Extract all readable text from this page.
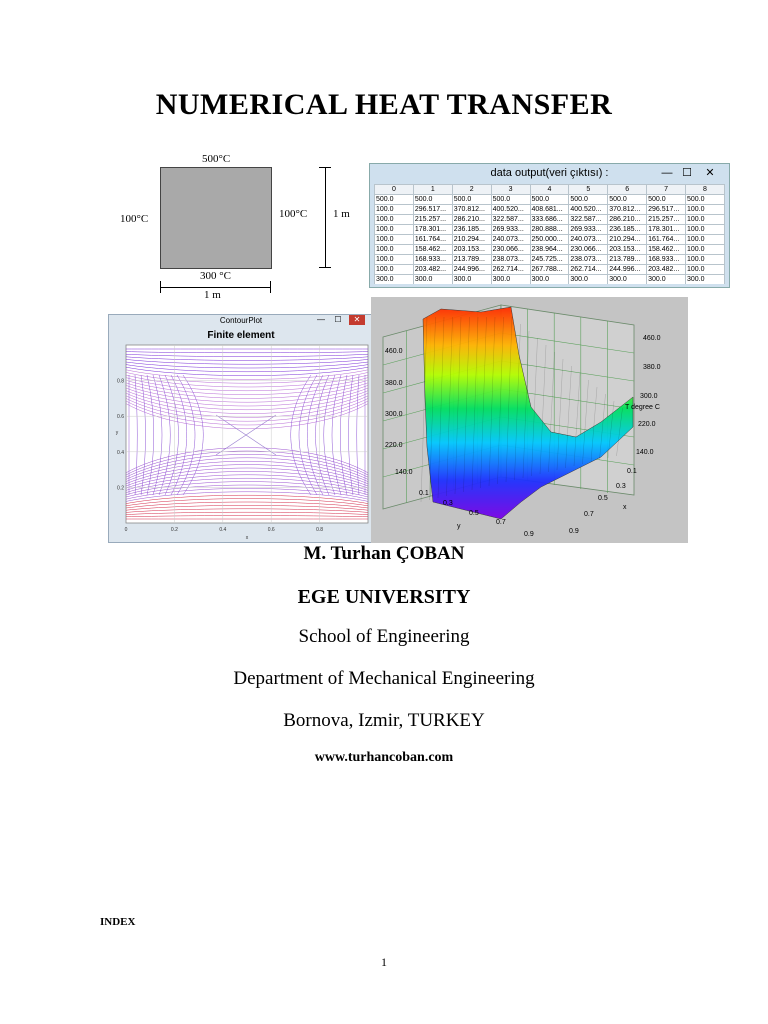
NUMERICAL HEAT TRANSFER
500°C
100°C	100°C
300 °C
1 m
1 m
data output(veri çıktısı) :	— ☐	✕
0	1	2	3	4	5	6	7	8
500.0	500.0	500.0	500.0	500.0	500.0	500.0	500.0	500.0
100.0	296.517...	370.812...	400.520...	408.681...	400.520...	370.812...	296.517...	100.0
100.0	215.257...	286.210...	322.587...	333.686...	322.587...	286.210...	215.257...	100.0
100.0	178.301...	236.185...	269.933...	280.888...	269.933...	236.185...	178.301...	100.0
100.0	161.764...	210.294...	240.073...	250.000...	240.073...	210.294...	161.764...	100.0
100.0	158.462...	203.153...	230.066...	238.964...	230.066...	203.153...	158.462...	100.0
100.0	168.933...	213.789...	238.073...	245.725...	238.073...	213.789...	168.933...	100.0
100.0	203.482...	244.996...	262.714...	267.788...	262.714...	244.996...	203.482...	100.0
300.0	300.0	300.0	300.0	300.0	300.0	300.0	300.0	300.0
ContourPlot	—	☐	✕
Finite element
0	0.2	0.4	0.6	0.8
0.8
0.6
0.4
0.2
x
y
460.0
380.0
300.0
220.0
140.0
460.0
380.0
300.0
220.0
140.0
T degree C
0.1
0.3
0.5
0.7
0.9
y
0.1
0.3
0.5
0.7
0.9
x
M. Turhan ÇOBAN
EGE UNIVERSITY
School of Engineering
Department of Mechanical Engineering
Bornova, Izmir, TURKEY
www.turhancoban.com
INDEX
1
